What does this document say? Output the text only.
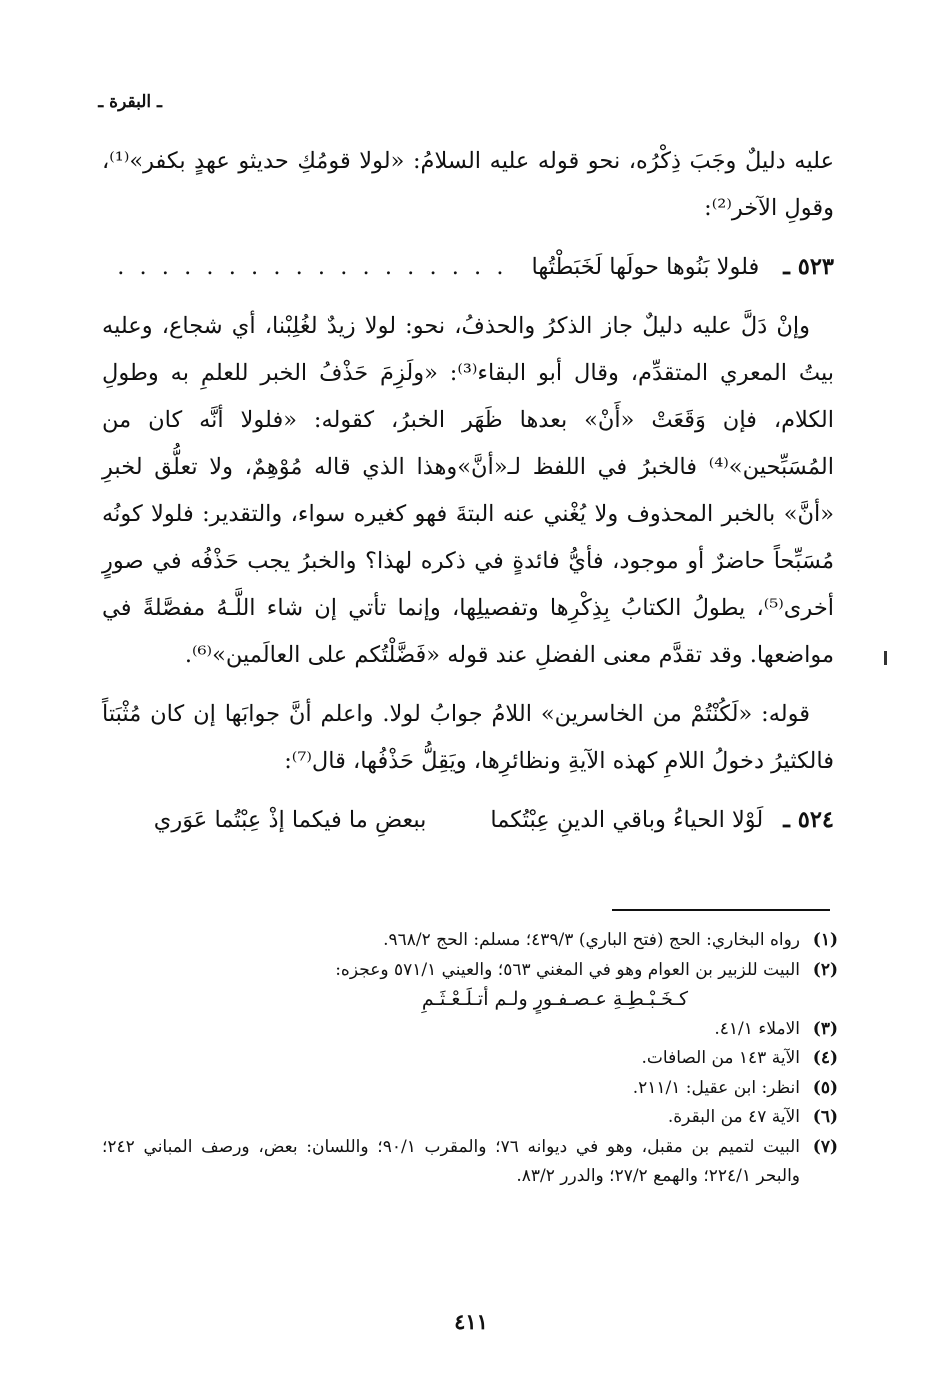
ـ البقرة ـ

عليه دليلٌ وجَبَ ذِكْرُه، نحو قوله عليه السلامُ: «لولا قومُكِ حديثو عهدٍ بكفر»⁽¹⁾، وقولِ الآخر⁽²⁾:

٥٢٣ ـ
فلولا بَنُوها حولَها لَخَبَطْتُها
. . . . . . . . . . . . . . . . . .

وإنْ دَلَّ عليه دليلٌ جاز الذكرُ والحذفُ، نحو: لولا زيدٌ لغُلِبْنا، أي شجاع، وعليه بيتُ المعري المتقدِّم، وقال أبو البقاء⁽³⁾: «ولَزِمَ حَذْفُ الخبر للعلمِ به وطولِ الكلام، فإن وَقَعَتْ «أَنْ» بعدها ظَهَر الخبرُ، كقوله: «فلولا أنَّه كان من المُسَبِّحين»⁽⁴⁾ فالخبرُ في اللفظ لـ«أنَّ»وهذا الذي قاله مُوْهِمٌ، ولا تعلُّق لخبرِ «أنَّ» بالخبر المحذوف ولا يُغْني عنه البتةَ فهو كغيره سواء، والتقدير: فلولا كونُه مُسَبِّحاً حاضرٌ أو موجود، فأيُّ فائدةٍ في ذكره لهذا؟ والخبرُ يجب حَذْفُه في صورٍ أخرى⁽⁵⁾، يطولُ الكتابُ بِذِكْرِها وتفصيلِها، وإنما تأتي إن شاء اللَّـهُ مفصَّلةً في مواضعها. وقد تقدَّم معنى الفضلِ عند قوله «فَضَّلْتُكم على العالَمين»⁽⁶⁾.

قوله: «لَكُنْتُمْ من الخاسرين» اللامُ جوابُ لولا. واعلم أنَّ جوابَها إن كان مُثْبَتاً فالكثيرُ دخولُ اللامِ كهذه الآيةِ ونظائرِها، ويَقِلُّ حَذْفُها، قال⁽⁷⁾:

٥٢٤ ـ
لَوْلا الحياءُ وباقي الدينِ عِبْتُكما
ببعضِ ما فيكما إذْ عِبْتُما عَوَري
(١)
رواه البخاري: الحج (فتح الباري) ٤٣٩/٣؛ مسلم: الحج ٩٦٨/٢.
(٢)
البيت للزبير بن العوام وهو في المغني ٥٦٣؛ والعيني ٥٧١/١ وعجزه:
كـخَـبْـطِـةِ عـصـفـورٍ ولـم أتـلَـعْـثَـمِ
(٣)
الاملاء ٤١/١.
(٤)
الآية ١٤٣ من الصافات.
(٥)
انظر: ابن عقيل: ٢١١/١.
(٦)
الآية ٤٧ من البقرة.
(٧)
البيت لتميم بن مقبل، وهو في ديوانه ٧٦؛ والمقرب ٩٠/١؛ واللسان: بعض، ورصف المباني ٢٤٢؛ والبحر ٢٢٤/١؛ والهمع ٢٧/٢؛ والدرر ٨٣/٢.
٤١١
